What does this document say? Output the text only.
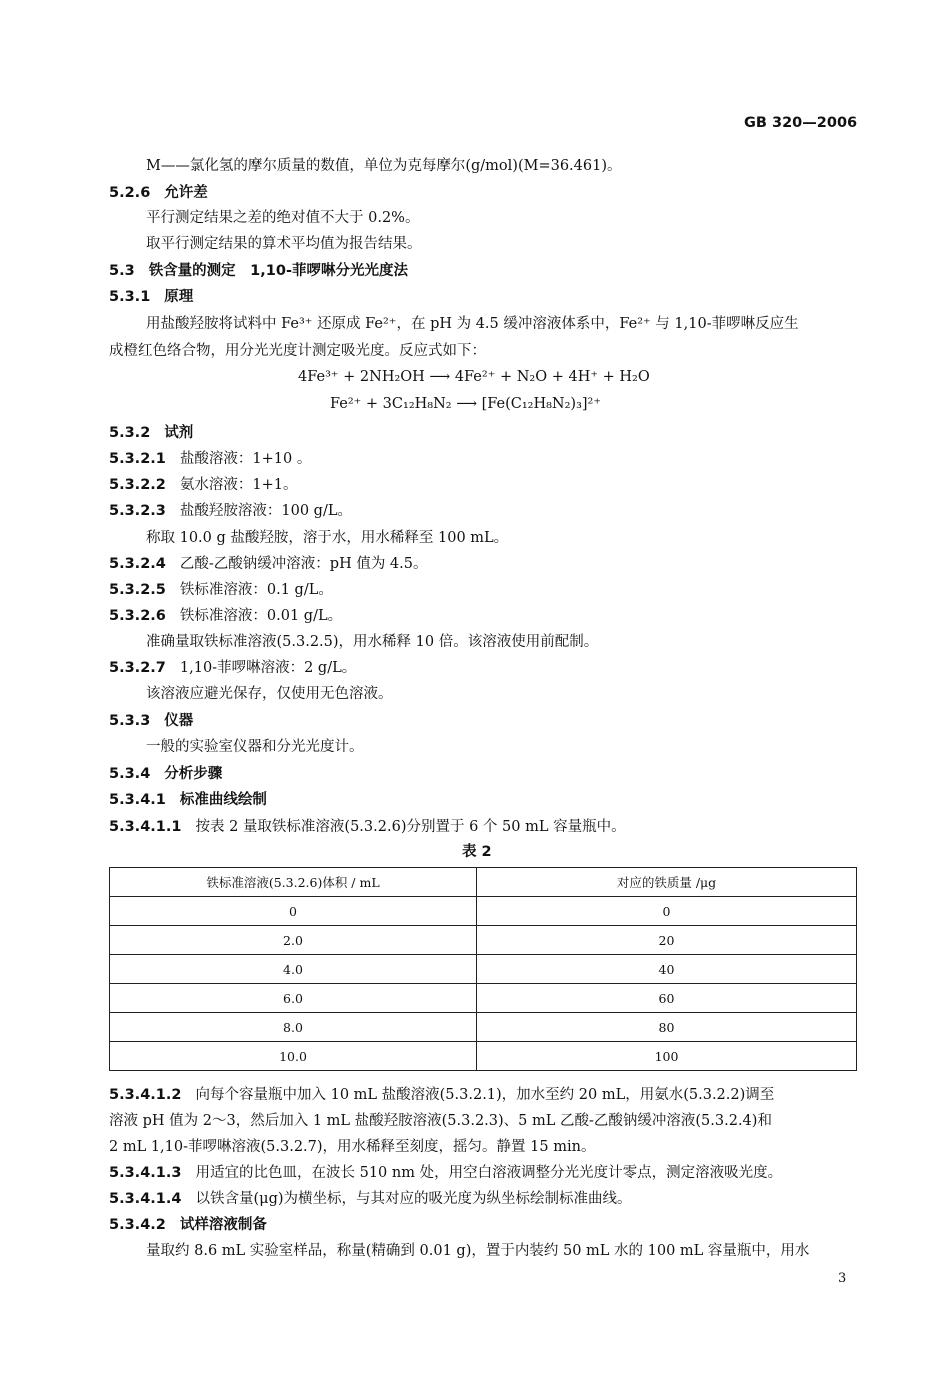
GB 320—2006
M——氯化氢的摩尔质量的数值，单位为克每摩尔(g/mol)(M=36.461)。
5.2.6 允许差
平行测定结果之差的绝对值不大于 0.2%。
取平行测定结果的算术平均值为报告结果。
5.3 铁含量的测定　1,10-菲啰啉分光光度法
5.3.1 原理
用盐酸羟胺将试料中 Fe³⁺ 还原成 Fe²⁺，在 pH 为 4.5 缓冲溶液体系中，Fe²⁺ 与 1,10-菲啰啉反应生
成橙红色络合物，用分光光度计测定吸光度。反应式如下：
4Fe³⁺ + 2NH₂OH ⟶ 4Fe²⁺ + N₂O + 4H⁺ + H₂O
Fe²⁺ + 3C₁₂H₈N₂ ⟶ [Fe(C₁₂H₈N₂)₃]²⁺
5.3.2 试剂
5.3.2.1 盐酸溶液：1+10 。
5.3.2.2 氨水溶液：1+1。
5.3.2.3 盐酸羟胺溶液：100 g/L。
称取 10.0 g 盐酸羟胺，溶于水，用水稀释至 100 mL。
5.3.2.4 乙酸-乙酸钠缓冲溶液：pH 值为 4.5。
5.3.2.5 铁标准溶液：0.1 g/L。
5.3.2.6 铁标准溶液：0.01 g/L。
准确量取铁标准溶液(5.3.2.5)，用水稀释 10 倍。该溶液使用前配制。
5.3.2.7 1,10-菲啰啉溶液：2 g/L。
该溶液应避光保存，仅使用无色溶液。
5.3.3 仪器
一般的实验室仪器和分光光度计。
5.3.4 分析步骤
5.3.4.1 标准曲线绘制
5.3.4.1.1 按表 2 量取铁标准溶液(5.3.2.6)分别置于 6 个 50 mL 容量瓶中。
表 2
铁标准溶液(5.3.2.6)体积 / mL	对应的铁质量 /μg
0	0
2.0	20
4.0	40
6.0	60
8.0	80
10.0	100
5.3.4.1.2 向每个容量瓶中加入 10 mL 盐酸溶液(5.3.2.1)，加水至约 20 mL，用氨水(5.3.2.2)调至
溶液 pH 值为 2～3，然后加入 1 mL 盐酸羟胺溶液(5.3.2.3)、5 mL 乙酸-乙酸钠缓冲溶液(5.3.2.4)和
2 mL 1,10-菲啰啉溶液(5.3.2.7)，用水稀释至刻度，摇匀。静置 15 min。
5.3.4.1.3 用适宜的比色皿，在波长 510 nm 处，用空白溶液调整分光光度计零点，测定溶液吸光度。
5.3.4.1.4 以铁含量(μg)为横坐标，与其对应的吸光度为纵坐标绘制标准曲线。
5.3.4.2 试样溶液制备
量取约 8.6 mL 实验室样品，称量(精确到 0.01 g)，置于内装约 50 mL 水的 100 mL 容量瓶中，用水
3
